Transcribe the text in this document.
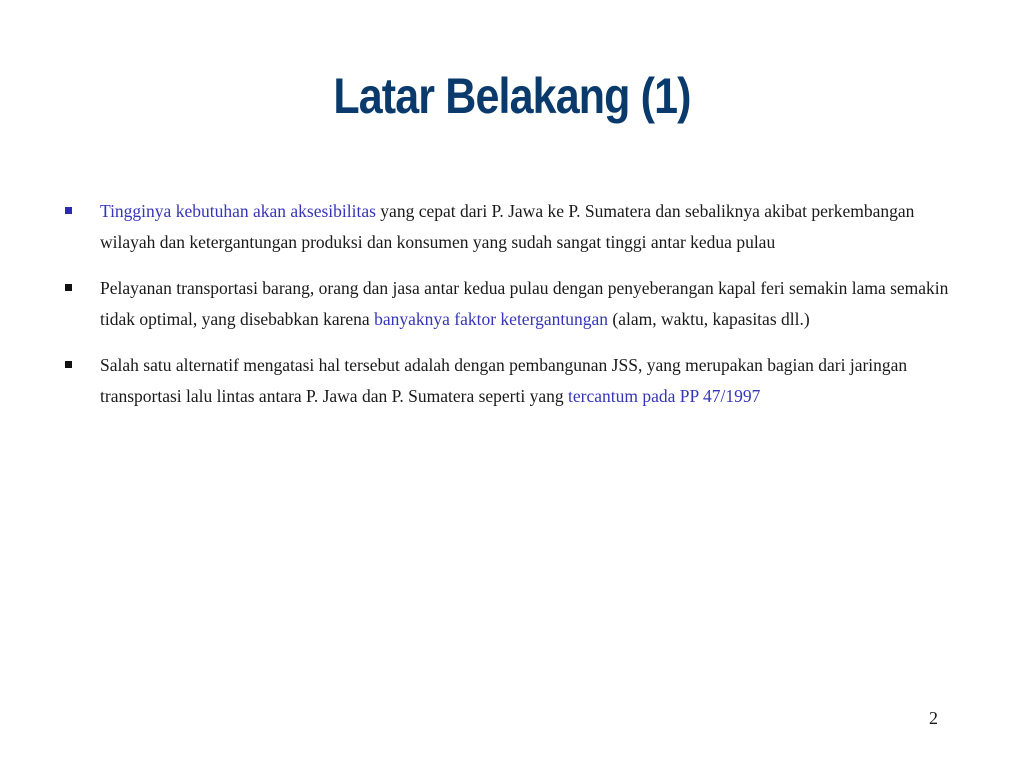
Latar Belakang (1)
Tingginya kebutuhan akan aksesibilitas yang cepat dari P. Jawa ke P. Sumatera dan sebaliknya akibat perkembangan wilayah dan ketergantungan produksi dan konsumen yang sudah sangat tinggi antar kedua pulau
Pelayanan transportasi barang, orang dan jasa antar kedua pulau dengan penyeberangan kapal feri semakin lama semakin tidak optimal, yang disebabkan karena banyaknya faktor ketergantungan (alam, waktu, kapasitas dll.)
Salah satu alternatif mengatasi hal tersebut adalah dengan pembangunan JSS, yang merupakan bagian dari jaringan transportasi lalu lintas antara P. Jawa dan P. Sumatera seperti yang tercantum pada PP 47/1997
2
